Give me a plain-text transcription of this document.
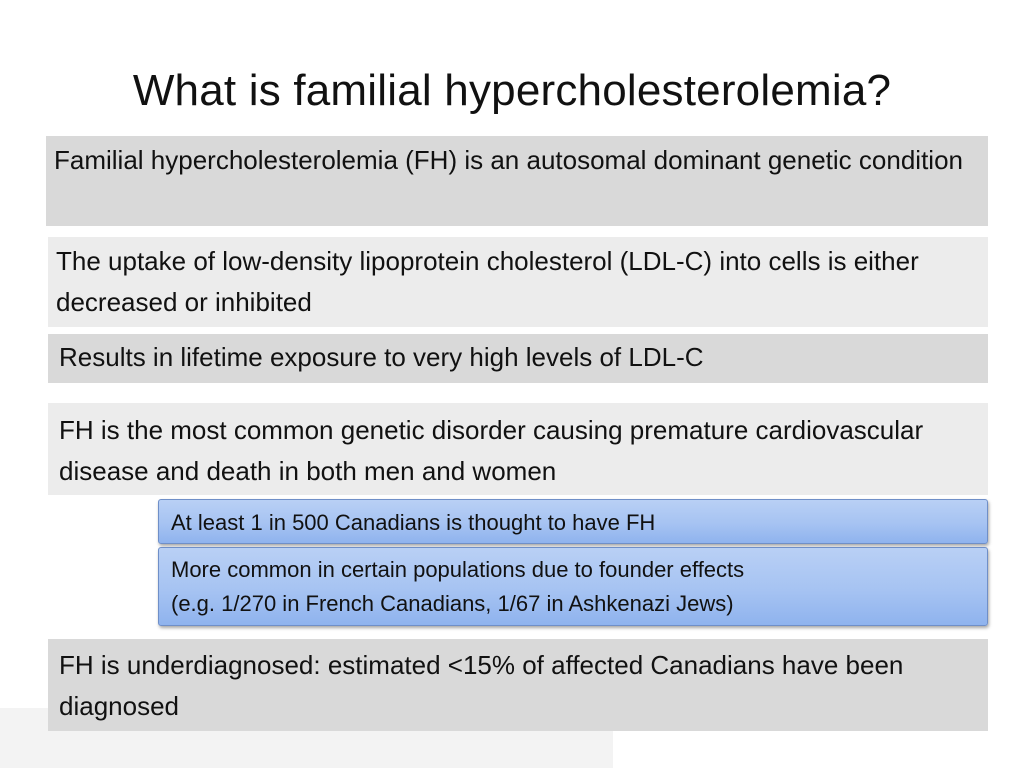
What is familial hypercholesterolemia?
Familial hypercholesterolemia (FH) is an autosomal dominant genetic condition
The uptake of low-density lipoprotein cholesterol (LDL-C) into cells is either decreased or inhibited
Results in lifetime exposure to very high levels of LDL-C
FH is the most common genetic disorder causing premature cardiovascular disease and death in both men and women
At least 1 in 500 Canadians is thought to have FH
More common in certain populations due to founder effects
(e.g. 1/270 in French Canadians, 1/67 in Ashkenazi Jews)
FH is underdiagnosed: estimated <15% of affected Canadians have been diagnosed
